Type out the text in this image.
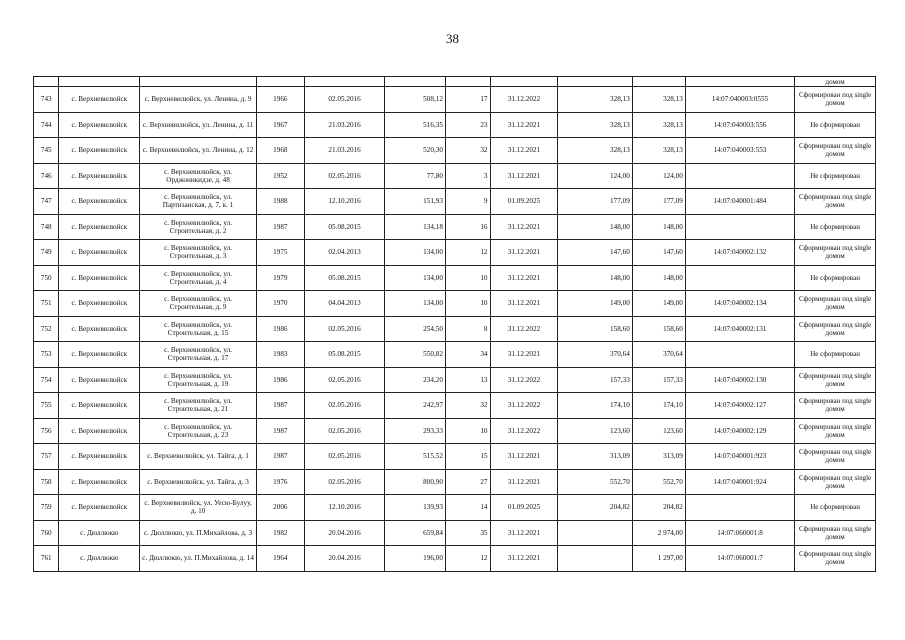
38
											домом
743	с. Верхневилюйск	с. Верхневилюйск, ул. Ленина, д. 9	1966	02.05.2016	508,12	17	31.12.2022	328,13	328,13	14:07:040003:0555	Сформирован под single домом
744	с. Верхневилюйск	с. Верхневилюйск, ул. Ленина, д. 11	1967	21.03.2016	516,35	23	31.12.2021	328,13	328,13	14:07:040003:556	Не сформирован
745	с. Верхневилюйск	с. Верхневилюйск, ул. Ленина, д. 12	1968	21.03.2016	520,30	32	31.12.2021	328,13	328,13	14:07:040003:553	Сформирован под single домом
746	с. Верхневилюйск	с. Верхневилюйск, ул. Орджоникидзе, д. 48	1952	02.05.2016	77,80	3	31.12.2021	124,00	124,00		Не сформирован
747	с. Верхневилюйск	с. Верхневилюйск, ул. Партизанская, д. 7, к. 1	1988	12.10.2016	151,93	9	01.09.2025	177,09	177,09	14:07:040001:484	Сформирован под single домом
748	с. Верхневилюйск	с. Верхневилюйск, ул. Строительная, д. 2	1987	05.08.2015	134,18	16	31.12.2021	148,00	148,00		Не сформирован
749	с. Верхневилюйск	с. Верхневилюйск, ул. Строительная, д. 3	1975	02.04.2013	134,00	12	31.12.2021	147,60	147,60	14:07:040002:132	Сформирован под single домом
750	с. Верхневилюйск	с. Верхневилюйск, ул. Строительная, д. 4	1979	05.08.2015	134,00	10	31.12.2021	148,00	148,00		Не сформирован
751	с. Верхневилюйск	с. Верхневилюйск, ул. Строительная, д. 9	1970	04.04.2013	134,00	10	31.12.2021	149,00	149,00	14:07:040002:134	Сформирован под single домом
752	с. Верхневилюйск	с. Верхневилюйск, ул. Строительная, д. 15	1986	02.05.2016	254,50	8	31.12.2022	158,60	158,60	14:07:040002:131	Сформирован под single домом
753	с. Верхневилюйск	с. Верхневилюйск, ул. Строительная, д. 17	1983	05.08.2015	550,82	34	31.12.2021	370,64	370,64		Не сформирован
754	с. Верхневилюйск	с. Верхневилюйск, ул. Строительная, д. 19	1986	02.05.2016	234,20	13	31.12.2022	157,33	157,33	14:07:040002:130	Сформирован под single домом
755	с. Верхневилюйск	с. Верхневилюйск, ул. Строительная, д. 21	1987	02.05.2016	242,97	32	31.12.2022	174,10	174,10	14:07:040002:127	Сформирован под single домом
756	с. Верхневилюйск	с. Верхневилюйск, ул. Строительная, д. 23	1987	02.05.2016	293,33	10	31.12.2022	123,60	123,60	14:07:040002:129	Сформирован под single домом
757	с. Верхневилюйск	с. Верхневилюйск, ул. Тайга, д. 1	1987	02.05.2016	515,52	15	31.12.2021	313,09	313,09	14:07:040001:923	Сформирован под single домом
758	с. Верхневилюйск	с. Верхневилюйск, ул. Тайга, д. 3	1976	02.05.2016	800,90	27	31.12.2021	552,70	552,70	14:07:040001:924	Сформирован под single домом
759	с. Верхневилюйск	с. Верхневилюйск, ул. Уесю-Булуу, д. 10	2006	12.10.2016	139,93	14	01.09.2025	204,82	204,82		Не сформирован
760	с. Дюллюкю	с. Дюллюкю, ул. П.Михайлова, д. 3	1982	20.04.2016	659,84	35	31.12.2021		2 974,00	14:07:060001:8	Сформирован под single домом
761	с. Дюллюкю	с. Дюллюкю, ул. П.Михайлова, д. 14	1964	20.04.2016	196,00	12	31.12.2021		1 297,00	14:07:060001:7	Сформирован под single домом
